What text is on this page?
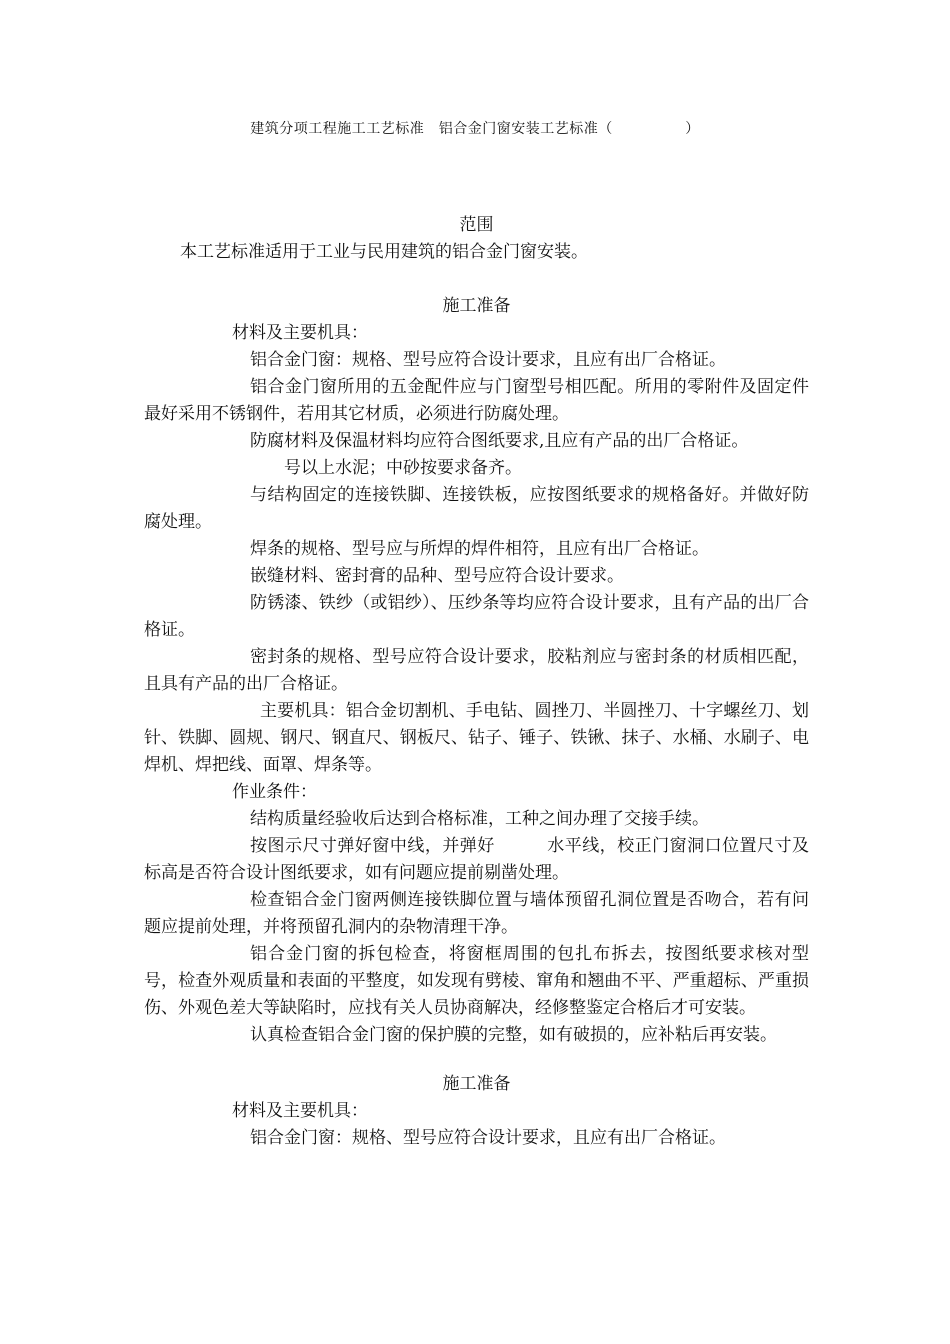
建筑分项工程施工工艺标准　铝合金门窗安装工艺标准（　　　　　）

范围

本工艺标准适用于工业与民用建筑的铝合金门窗安装。

施工准备

材料及主要机具：

铝合金门窗：规格、型号应符合设计要求，且应有出厂合格证。

铝合金门窗所用的五金配件应与门窗型号相匹配。所用的零附件及固定件最好采用不锈钢件，若用其它材质，必须进行防腐处理。

防腐材料及保温材料均应符合图纸要求,且应有产品的出厂合格证。

号以上水泥；中砂按要求备齐。

与结构固定的连接铁脚、连接铁板，应按图纸要求的规格备好。并做好防腐处理。

焊条的规格、型号应与所焊的焊件相符，且应有出厂合格证。

嵌缝材料、密封膏的品种、型号应符合设计要求。

防锈漆、铁纱（或铝纱）、压纱条等均应符合设计要求，且有产品的出厂合格证。

密封条的规格、型号应符合设计要求，胶粘剂应与密封条的材质相匹配，且具有产品的出厂合格证。

主要机具：铝合金切割机、手电钻、圆挫刀、半圆挫刀、十字螺丝刀、划针、铁脚、圆规、钢尺、钢直尺、钢板尺、钻子、锤子、铁锹、抹子、水桶、水刷子、电焊机、焊把线、面罩、焊条等。

作业条件：

结构质量经验收后达到合格标准，工种之间办理了交接手续。

按图示尺寸弹好窗中线，并弹好　　　水平线，校正门窗洞口位置尺寸及标高是否符合设计图纸要求，如有问题应提前剔凿处理。

检查铝合金门窗两侧连接铁脚位置与墙体预留孔洞位置是否吻合，若有问题应提前处理，并将预留孔洞内的杂物清理干净。

铝合金门窗的拆包检查，将窗框周围的包扎布拆去，按图纸要求核对型号，检查外观质量和表面的平整度，如发现有劈棱、窜角和翘曲不平、严重超标、严重损伤、外观色差大等缺陷时，应找有关人员协商解决，经修整鉴定合格后才可安装。

认真检查铝合金门窗的保护膜的完整，如有破损的，应补粘后再安装。

施工准备

材料及主要机具：

铝合金门窗：规格、型号应符合设计要求，且应有出厂合格证。
